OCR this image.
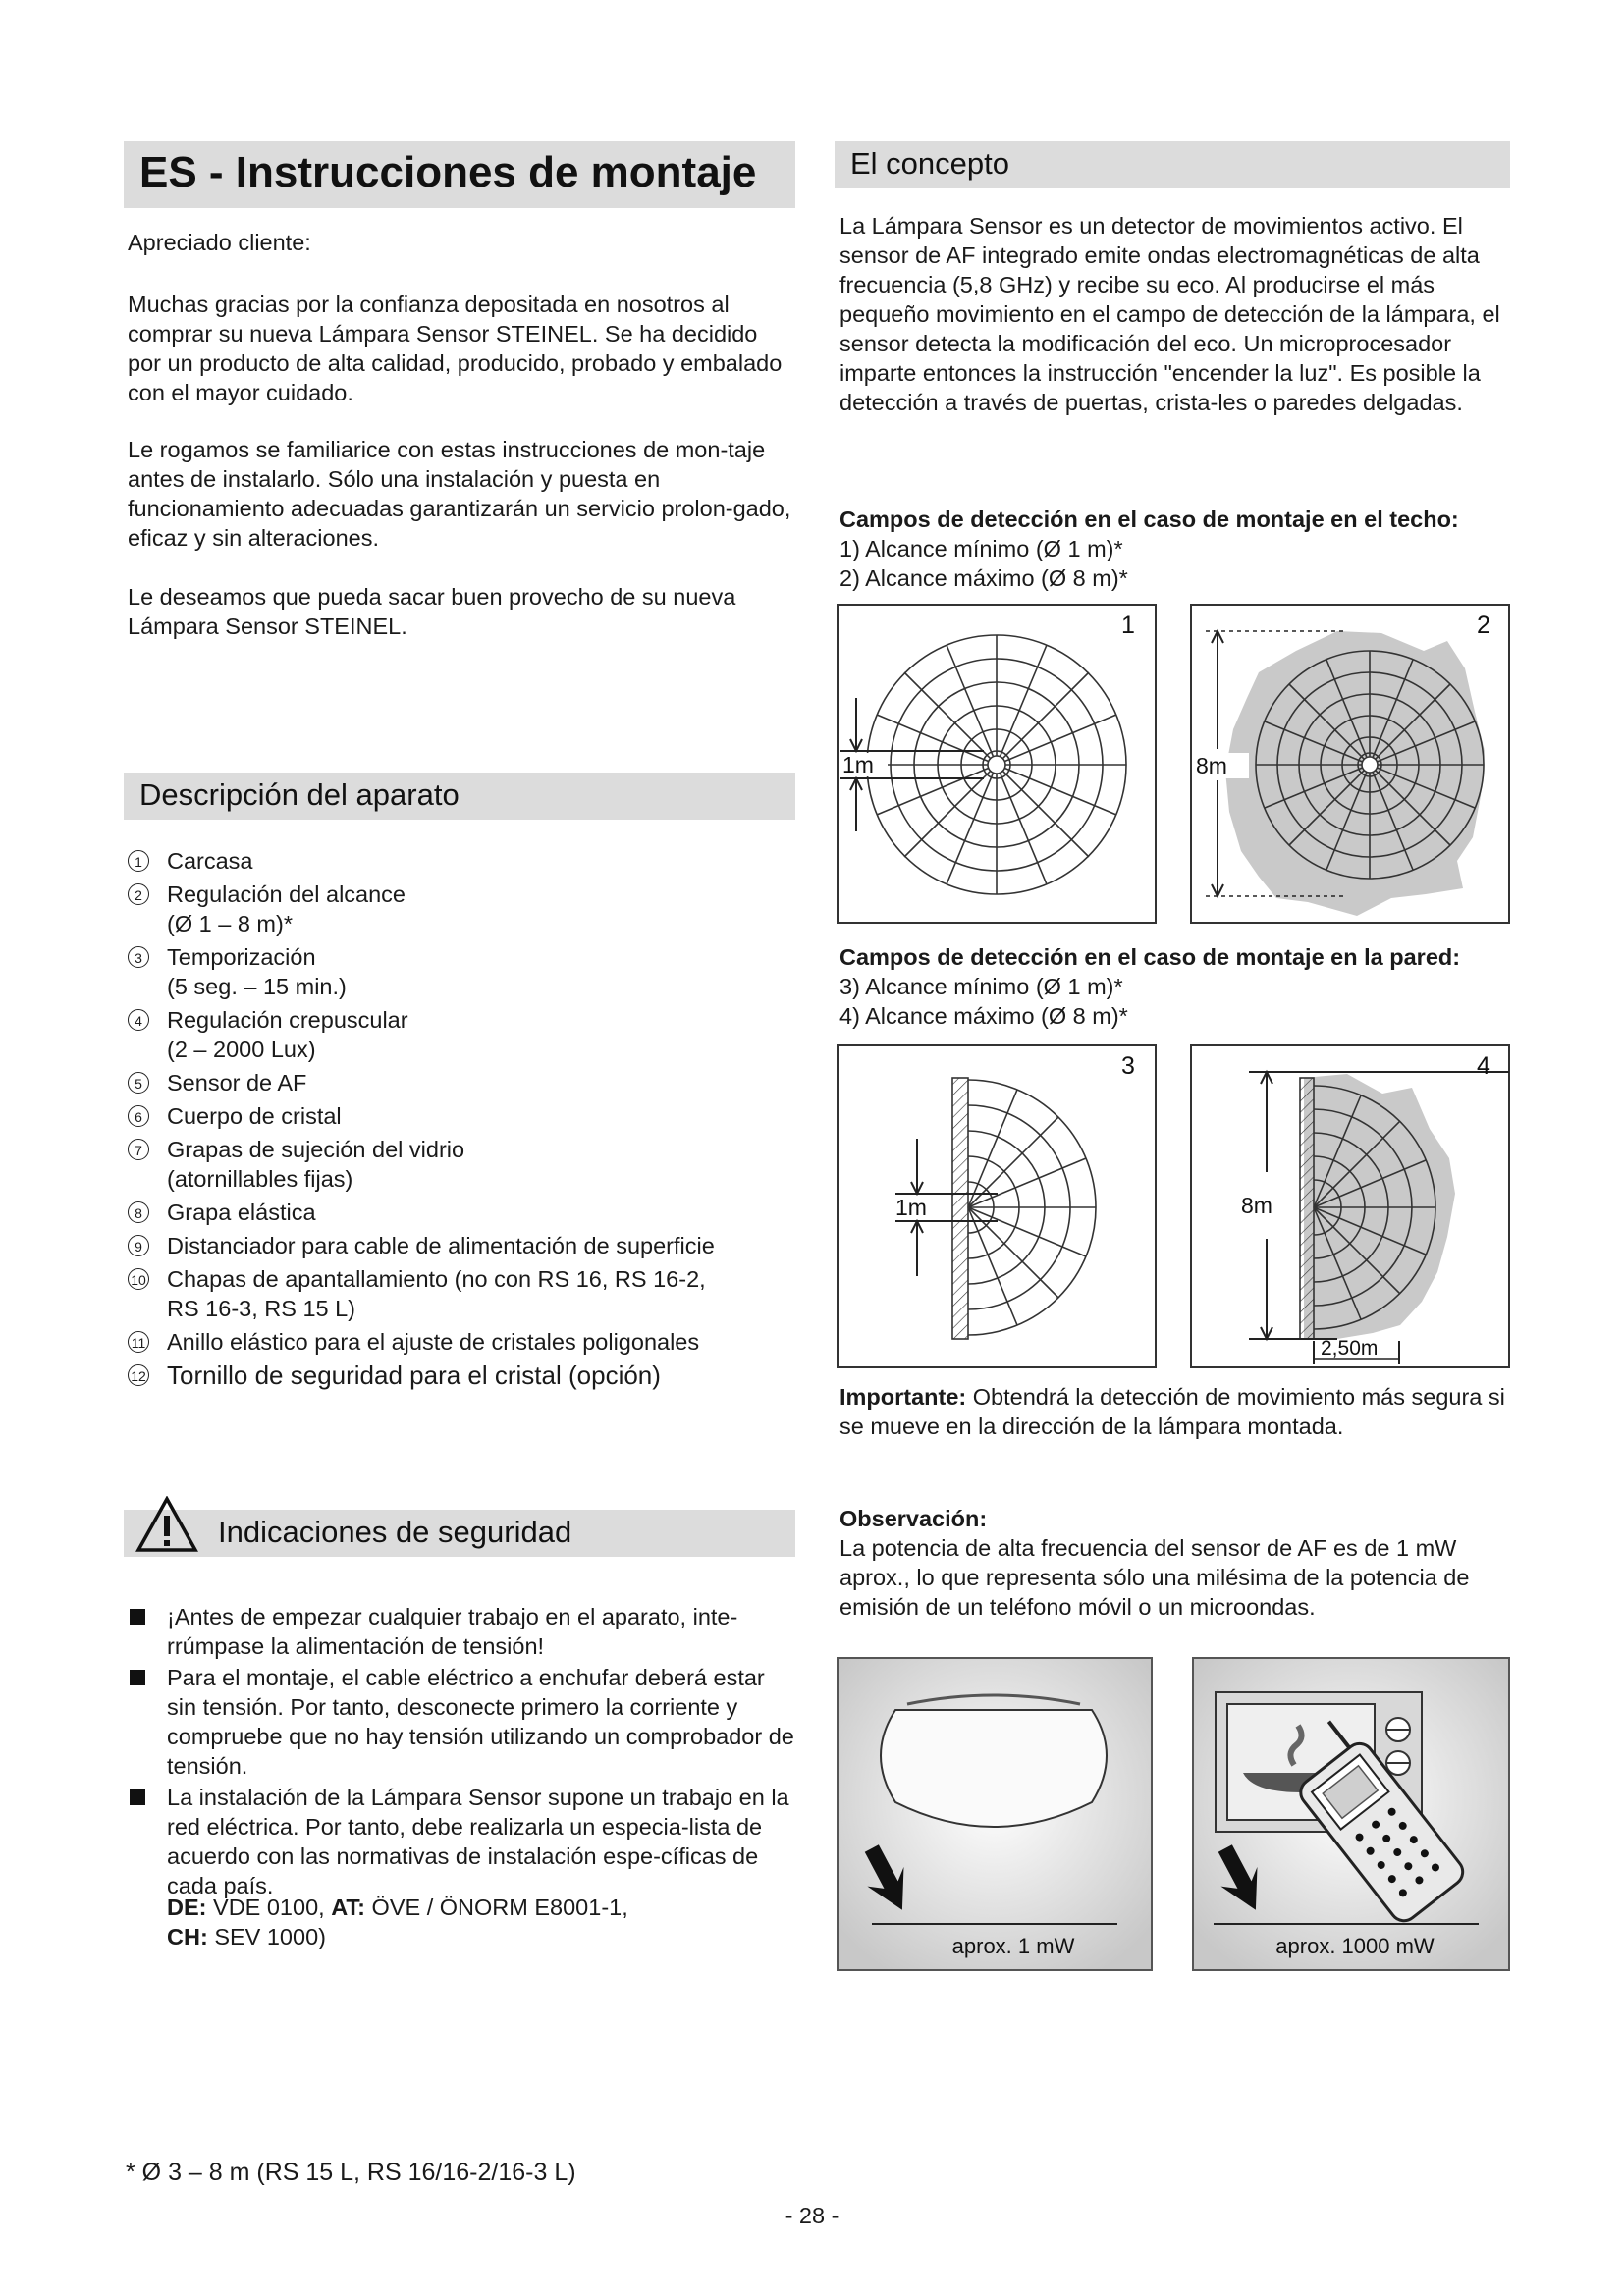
ES - Instrucciones de montaje

Apreciado cliente:

Muchas gracias por la confianza depositada en nosotros al comprar su nueva Lámpara Sensor STEINEL. Se ha decidido por un producto de alta calidad, producido, probado y embalado con el mayor cuidado.

Le rogamos se familiarice con estas instrucciones de mon-taje antes de instalarlo. Sólo una instalación y puesta en funcionamiento adecuadas garantizarán un servicio prolon-gado, eficaz y sin alteraciones.

Le deseamos que pueda sacar buen provecho de su nueva Lámpara Sensor STEINEL.

Descripción del aparato
1	Carcasa
2	Regulación del alcance
(Ø 1 – 8 m)*
3	Temporización
(5 seg. – 15 min.)
4	Regulación crepuscular
(2 – 2000 Lux)
5	Sensor de AF
6	Cuerpo de cristal
7	Grapas de sujeción del vidrio
(atornillables fijas)
8	Grapa elástica
9	Distanciador para cable de alimentación de superficie
10 Chapas de apantallamiento (no con RS 16, RS 16-2,
RS 16-3, RS 15 L)
11 Anillo elástico para el ajuste de cristales poligonales
12 Tornillo de seguridad para el cristal (opción)
Indicaciones de seguridad
¡Antes de empezar cualquier trabajo en el aparato, inte-rrúmpase la alimentación de tensión!
Para el montaje, el cable eléctrico a enchufar deberá estar sin tensión. Por tanto, desconecte primero la corriente y compruebe que no hay tensión utilizando un comprobador de tensión.
La instalación de la Lámpara Sensor supone un trabajo en la red eléctrica. Por tanto, debe realizarla un especia-lista de acuerdo con las normativas de instalación espe-cíficas de cada país.
DE: VDE 0100, AT: ÖVE / ÖNORM E8001-1,
CH: SEV 1000)
El concepto

La Lámpara Sensor es un detector de movimientos activo. El sensor de AF integrado emite ondas electromagnéticas de alta frecuencia (5,8 GHz) y recibe su eco. Al producirse el más pequeño movimiento en el campo de detección de la lámpara, el sensor detecta la modificación del eco. Un microprocesador imparte entonces la instrucción "encender la luz". Es posible la detección a través de puertas, crista-les o paredes delgadas.

Campos de detección en el caso de montaje en el techo:

1) Alcance mínimo (Ø 1 m)*

2) Alcance máximo (Ø 8 m)*

1m
1
8m
2

Campos de detección en el caso de montaje en la pared:

3) Alcance mínimo (Ø 1 m)*

4) Alcance máximo (Ø 8 m)*

1m
3
8m
2,50m
4

Importante: Obtendrá la detección de movimiento más segura si se mueve en la dirección de la lámpara montada.

Observación:

La potencia de alta frecuencia del sensor de AF es de 1 mW aprox., lo que representa sólo una milésima de la potencia de emisión de un teléfono móvil o un microondas.

aprox. 1 mW	aprox. 1000 mW

* Ø 3 – 8 m (RS 15 L, RS 16/16-2/16-3 L)

- 28 -
